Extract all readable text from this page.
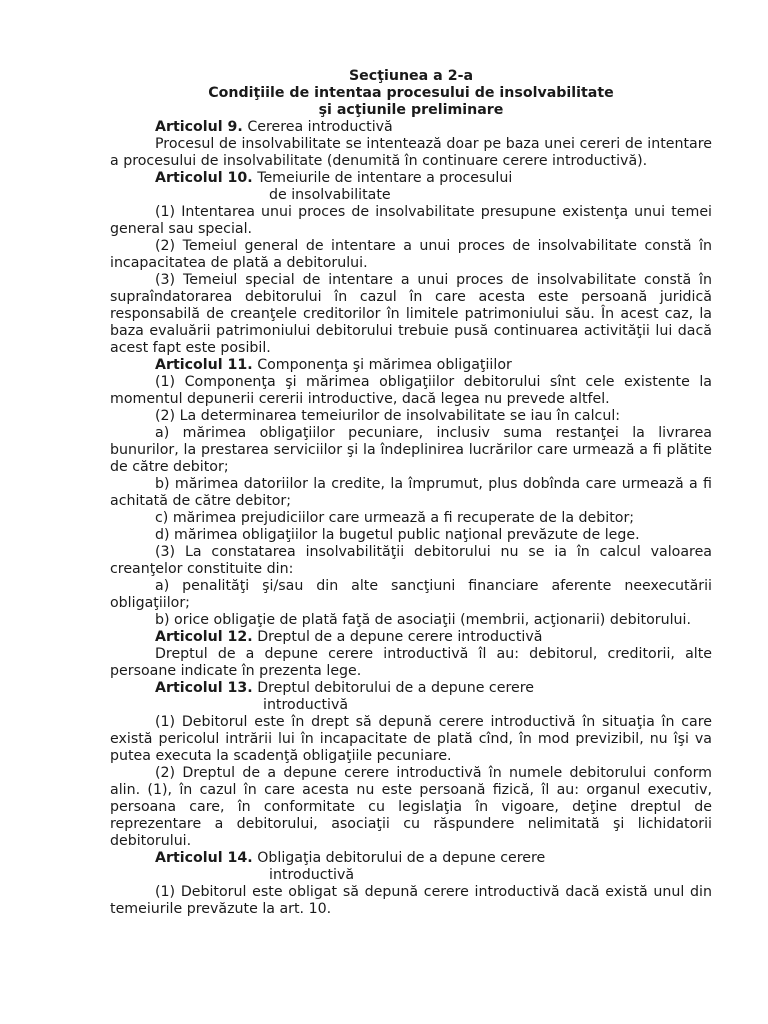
Secţiunea a 2-a
Condiţiile de intentaa procesului de insolvabilitate
şi acţiunile preliminare
Articolul 9. Cererea introductivă

Procesul de insolvabilitate se intentează doar pe baza unei cereri de intentare a procesului de insolvabilitate (denumită în continuare cerere introductivă).

Articolul 10. Temeiurile de intentare a procesului
de insolvabilitate

(1) Intentarea unui proces de insolvabilitate presupune existenţa unui temei general sau special.

(2) Temeiul general de intentare a unui proces de insolvabilitate constă în incapacitatea de plată a debitorului.

(3) Temeiul special de intentare a unui proces de insolvabilitate constă în supraîndatorarea debitorului în cazul în care acesta este persoană juridică responsabilă de creanţele creditorilor în limitele patrimoniului său. În acest caz, la baza evaluării patrimoniului debitorului trebuie pusă continuarea activităţii lui dacă acest fapt este posibil.

Articolul 11. Componenţa şi mărimea obligaţiilor

(1) Componenţa şi mărimea obligaţiilor debitorului sînt cele existente la momentul depunerii cererii introductive, dacă legea nu prevede altfel.

(2) La determinarea temeiurilor de insolvabilitate se iau în calcul:

a) mărimea obligaţiilor pecuniare, inclusiv suma restanţei la livrarea bunurilor, la prestarea serviciilor şi la îndeplinirea lucrărilor care urmează a fi plătite de către debitor;

b) mărimea datoriilor la credite, la împrumut, plus dobînda care urmează a fi achitată de către debitor;

c) mărimea prejudiciilor care urmează a fi recuperate de la debitor;

d) mărimea obligaţiilor la bugetul public naţional prevăzute de lege.

(3) La constatarea insolvabilităţii debitorului nu se ia în calcul valoarea creanţelor constituite din:

a) penalităţi şi/sau din alte sancţiuni financiare aferente neexecutării obligaţiilor;

b) orice obligaţie de plată faţă de asociaţii (membrii, acţionarii) debitorului.

Articolul 12. Dreptul de a depune cerere introductivă

Dreptul de a depune cerere introductivă îl au: debitorul, creditorii, alte persoane indicate în prezenta lege.

Articolul 13. Dreptul debitorului de a depune cerere
introductivă

(1) Debitorul este în drept să depună cerere introductivă în situaţia în care există pericolul intrării lui în incapacitate de plată cînd, în mod previzibil, nu îşi va putea executa la scadenţă obligaţiile pecuniare.

(2) Dreptul de a depune cerere introductivă în numele debitorului conform alin. (1), în cazul în care acesta nu este persoană fizică, îl au: organul executiv, persoana care, în conformitate cu legislaţia în vigoare, deţine dreptul de reprezentare a debitorului, asociaţii cu răspundere nelimitată şi lichidatorii debitorului.

Articolul 14. Obligaţia debitorului de a depune cerere
introductivă

(1) Debitorul este obligat să depună cerere introductivă dacă există unul din temeiurile prevăzute la art. 10.
